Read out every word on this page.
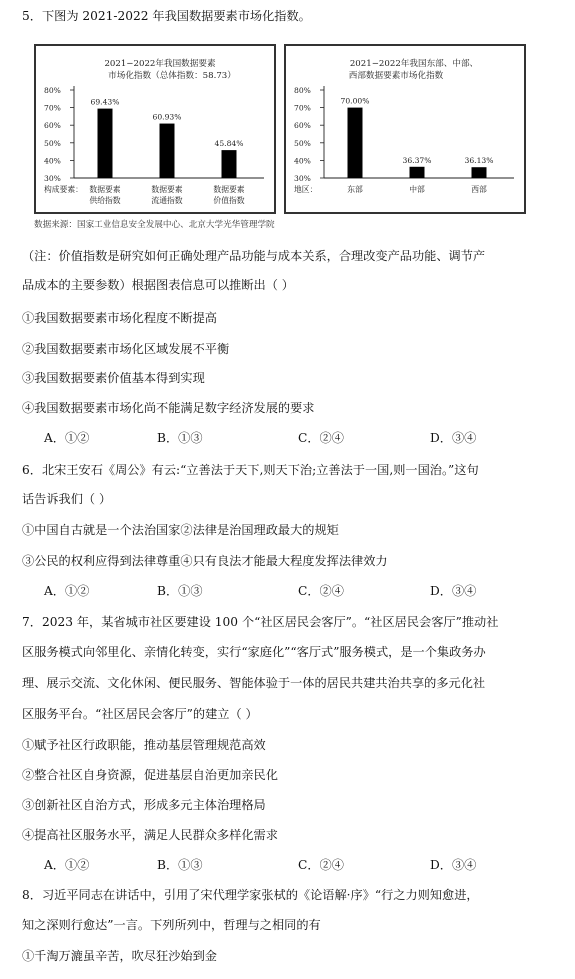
5．下图为 2021-2022 年我国数据要素市场化指数。
2021−2022年我国数据要素
市场化指数（总体指数：58.73）
80%
70%
60%
50%
40%
30%
69.43%
60.93%
45.84%
构成要素： 数据要素
供给指数
数据要素
流通指数
数据要素
价值指数
2021−2022年我国东部、中部、
西部数据要素市场化指数
80%
70%
60%
50%
40%
30%
70.00%
36.37%	36.13%
地区：	东部	中部	西部
数据来源：国家工业信息安全发展中心、北京大学光华管理学院
（注：价值指数是研究如何正确处理产品功能与成本关系，合理改变产品功能、调节产
品成本的主要参数）根据图表信息可以推断出（ ）
①我国数据要素市场化程度不断提高
②我国数据要素市场化区域发展不平衡
③我国数据要素价值基本得到实现
④我国数据要素市场化尚不能满足数字经济发展的要求
A．①②	B．①③	C．②④	D．③④
6．北宋王安石《周公》有云:“立善法于天下,则天下治;立善法于一国,则一国治。”这句
话告诉我们（ ）
①中国自古就是一个法治国家②法律是治国理政最大的规矩
③公民的权利应得到法律尊重④只有良法才能最大程度发挥法律效力
A．①②	B．①③	C．②④	D．③④
7．2023 年，某省城市社区要建设 100 个“社区居民会客厅”。“社区居民会客厅”推动社
区服务模式向邻里化、亲情化转变，实行“家庭化”“客厅式”服务模式，是一个集政务办
理、展示交流、文化休闲、便民服务、智能体验于一体的居民共建共治共享的多元化社
区服务平台。“社区居民会客厅”的建立（ ）
①赋予社区行政职能，推动基层管理规范高效
②整合社区自身资源，促进基层自治更加亲民化
③创新社区自治方式，形成多元主体治理格局
④提高社区服务水平，满足人民群众多样化需求
A．①②	B．①③	C．②④	D．③④
8．习近平同志在讲话中，引用了宋代理学家张栻的《论语解·序》“行之力则知愈进，
知之深则行愈达”一言。下列所列中，哲理与之相同的有
①千淘万漉虽辛苦，吹尽狂沙始到金
